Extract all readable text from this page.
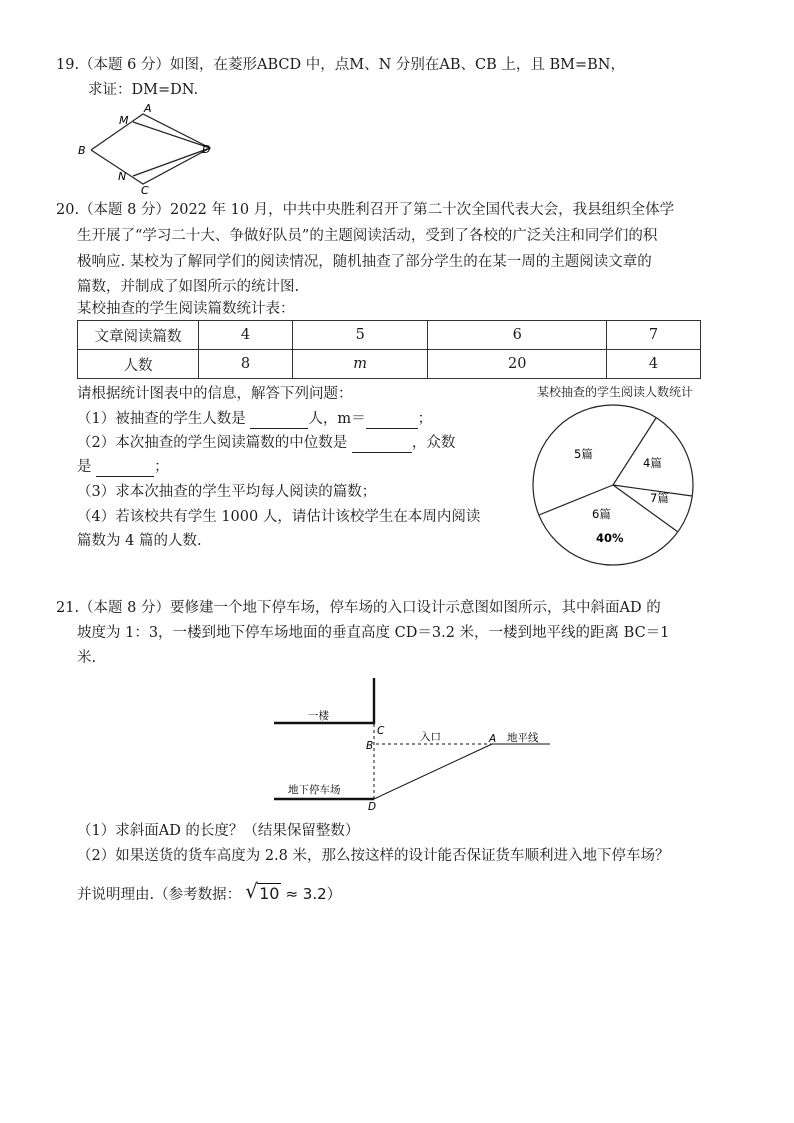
19.（本题 6 分）如图，在菱形ABCD 中，点M、N 分别在AB、CB 上，且 BM=BN，
求证：DM=DN.
A
M
B	D
N
C
20.（本题 8 分）2022 年 10 月，中共中央胜利召开了第二十次全国代表大会，我县组织全体学
生开展了“学习二十大、争做好队员”的主题阅读活动，受到了各校的广泛关注和同学们的积
极响应. 某校为了解同学们的阅读情况，随机抽查了部分学生的在某一周的主题阅读文章的
篇数，并制成了如图所示的统计图.
某校抽查的学生阅读篇数统计表：
文章阅读篇数	4	5	6	7
人数	8	m	20	4
请根据统计图表中的信息，解答下列问题：
（1）被抽查的学生人数是	人，m＝	；
（2）本次抽查的学生阅读篇数的中位数是	，众数
是	；
（3）求本次抽查的学生平均每人阅读的篇数；
（4）若该校共有学生 1000 人，请估计该校学生在本周内阅读
篇数为 4 篇的人数.
某校抽查的学生阅读人数统计
5篇
4篇
7篇
6篇
40%
21.（本题 8 分）要修建一个地下停车场，停车场的入口设计示意图如图所示，其中斜面AD 的
坡度为 1：3，一楼到地下停车场地面的垂直高度 CD＝3.2 米，一楼到地平线的距离 BC＝1
米.
一楼
C
B
入口	A 地平线
地下停车场
D
（1）求斜面AD 的长度？（结果保留整数）
（2）如果送货的货车高度为 2.8 米，那么按这样的设计能否保证货车顺利进入地下停车场？
并说明理由.（参考数据： √ 10 ≈ 3.2）
